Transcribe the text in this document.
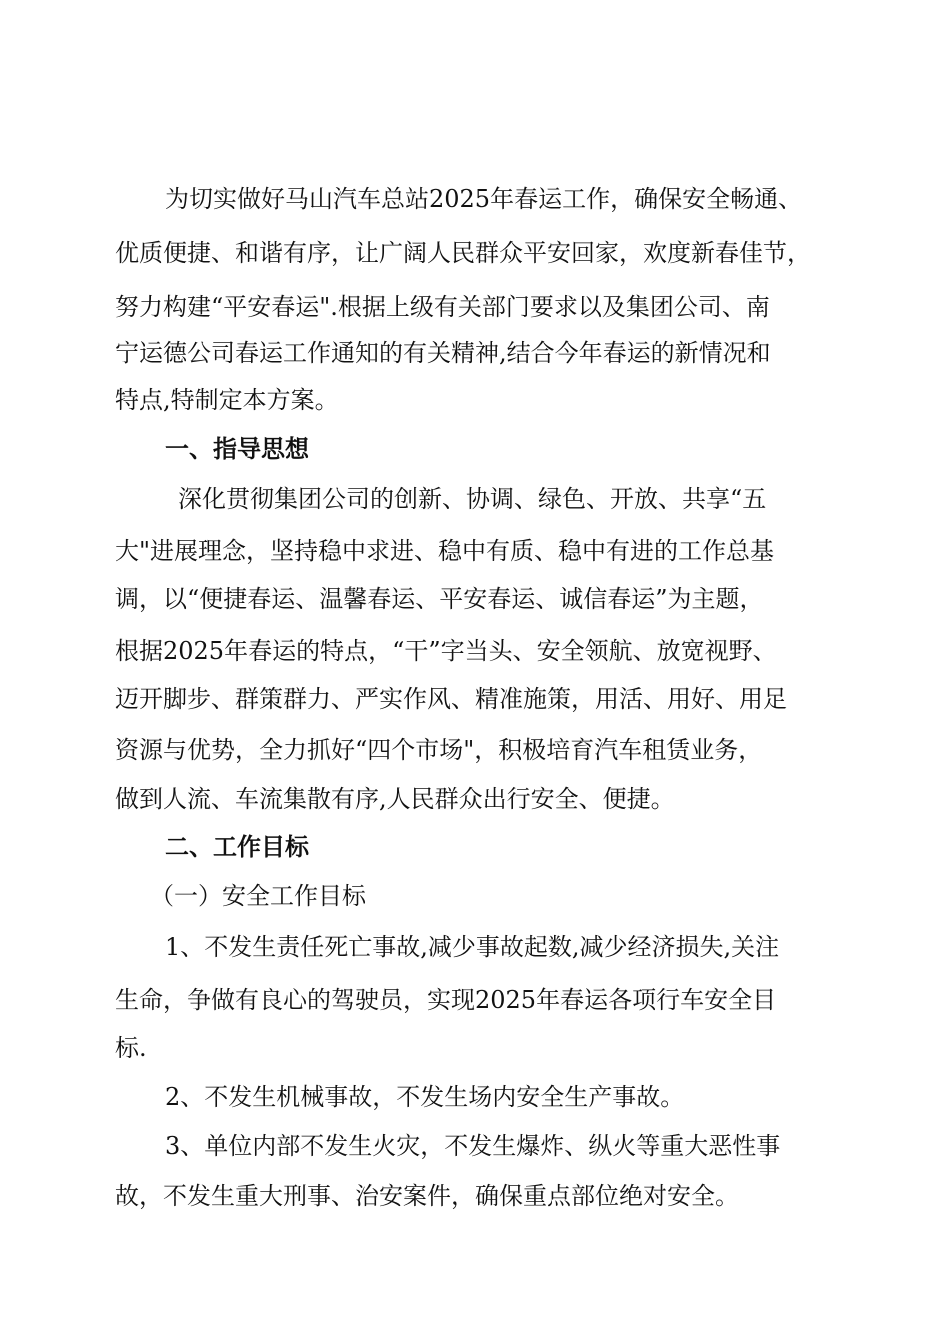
为切实做好马山汽车总站2025年春运工作，确保安全畅通、
优质便捷、和谐有序，让广阔人民群众平安回家，欢度新春佳节，
努力构建“平安春运".根据上级有关部门要求以及集团公司、南
宁运德公司春运工作通知的有关精神,结合今年春运的新情况和
特点,特制定本方案。
一、指导思想
深化贯彻集团公司的创新、协调、绿色、开放、共享“五
大"进展理念，坚持稳中求进、稳中有质、稳中有进的工作总基
调，以“便捷春运、温馨春运、平安春运、诚信春运”为主题，
根据2025年春运的特点，“干”字当头、安全领航、放宽视野、
迈开脚步、群策群力、严实作风、精准施策，用活、用好、用足
资源与优势，全力抓好“四个市场"，积极培育汽车租赁业务，
做到人流、车流集散有序,人民群众出行安全、便捷。
二、工作目标
（一）安全工作目标
1、不发生责任死亡事故,减少事故起数,减少经济损失,关注
生命，争做有良心的驾驶员，实现2025年春运各项行车安全目
标.
2、不发生机械事故，不发生场内安全生产事故。
3、单位内部不发生火灾，不发生爆炸、纵火等重大恶性事
故，不发生重大刑事、治安案件，确保重点部位绝对安全。
